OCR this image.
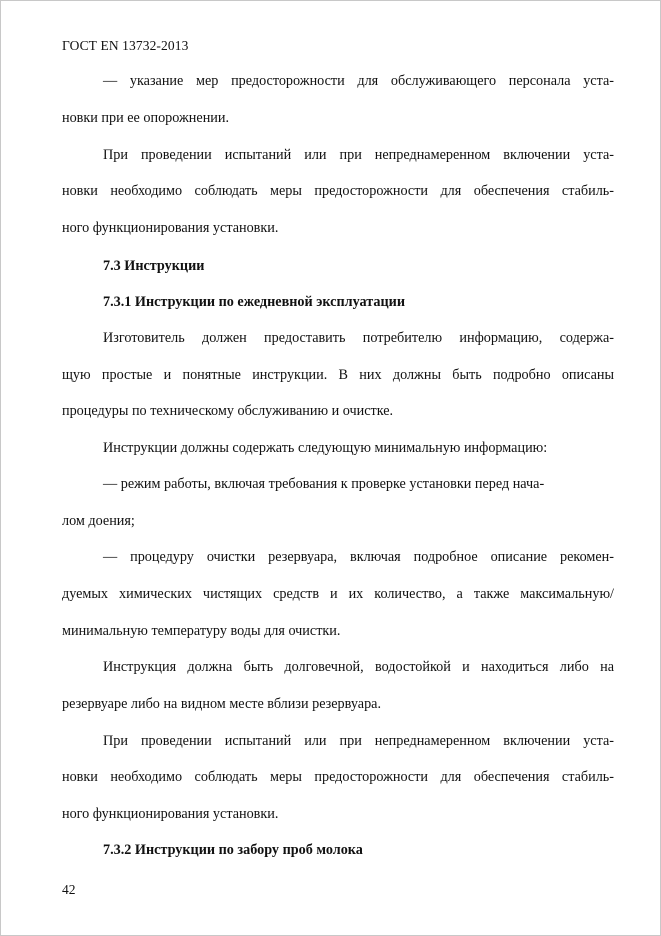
ГОСТ EN 13732-2013
— указание мер предосторожности для обслуживающего персонала уста-
новки при ее опорожнении.
При проведении испытаний или при непреднамеренном включении уста-
новки необходимо соблюдать меры предосторожности для обеспечения стабиль-
ного функционирования установки.
7.3 Инструкции
7.3.1 Инструкции по ежедневной эксплуатации
Изготовитель должен предоставить потребителю информацию, содержа-
щую простые и понятные инструкции. В них должны быть подробно описаны
процедуры по техническому обслуживанию и очистке.
Инструкции должны содержать следующую минимальную информацию:
— режим работы, включая требования к проверке установки перед нача-
лом доения;
— процедуру очистки резервуара, включая подробное описание рекомен-
дуемых химических чистящих средств и их количество, а также максимальную/
минимальную температуру воды для очистки.
Инструкция должна быть долговечной, водостойкой и находиться либо на
резервуаре либо на видном месте вблизи резервуара.
При проведении испытаний или при непреднамеренном включении уста-
новки необходимо соблюдать меры предосторожности для обеспечения стабиль-
ного функционирования установки.
7.3.2 Инструкции по забору проб молока
42
